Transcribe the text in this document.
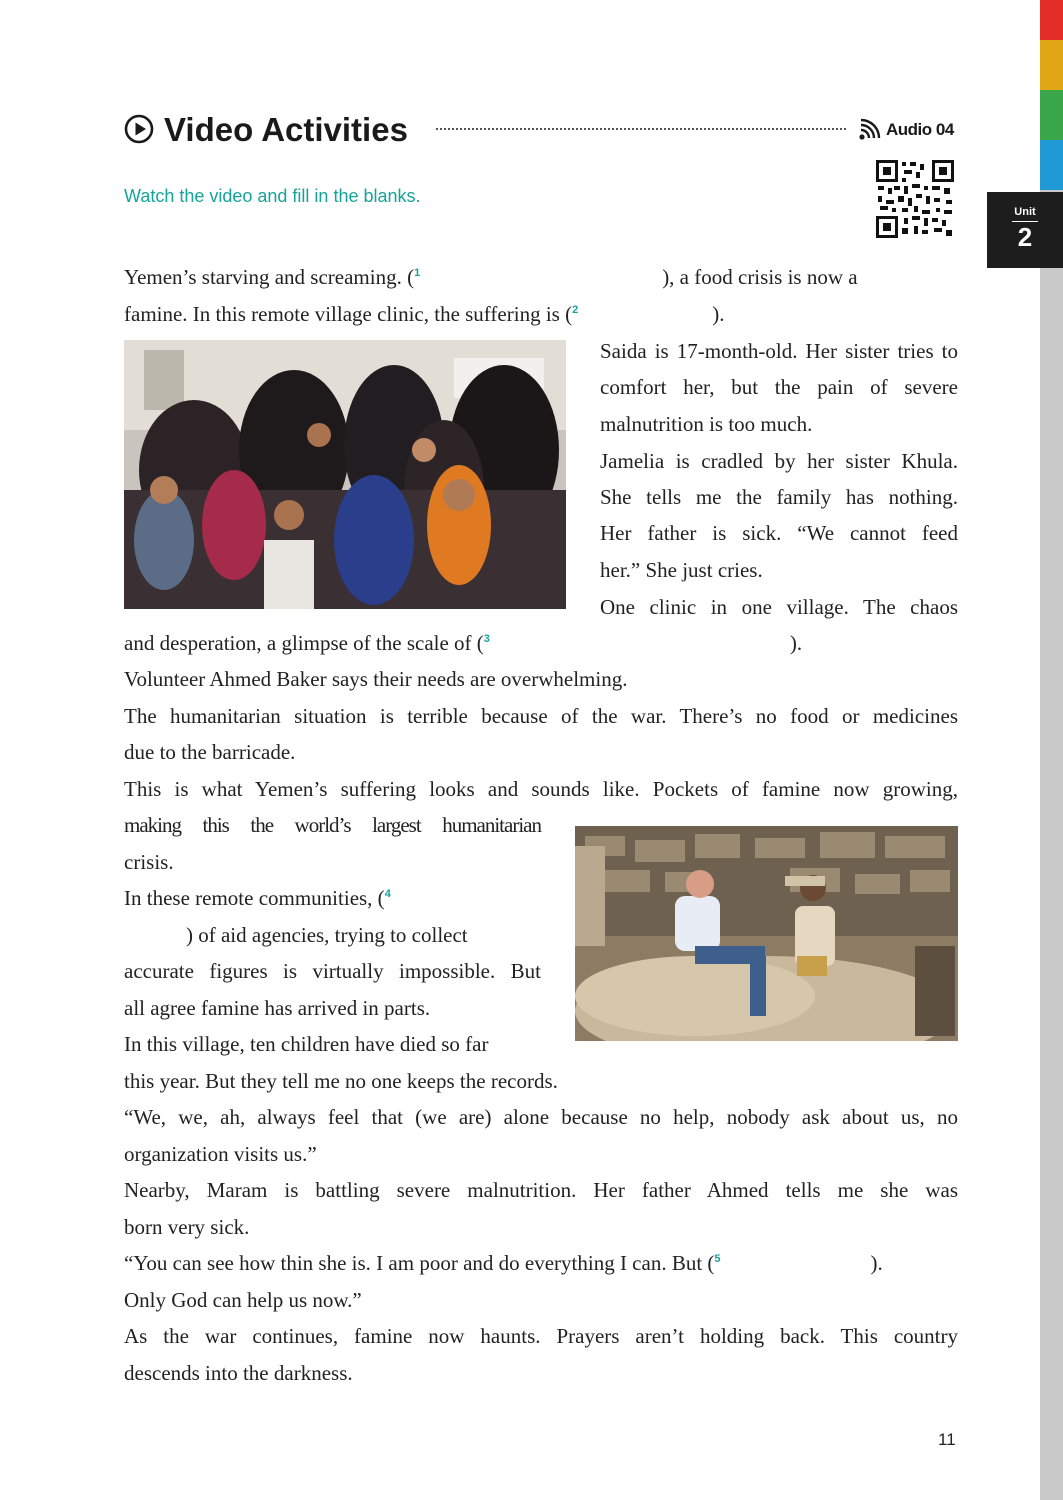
Unit
2
Video Activities	Audio 04
Watch the video and fill in the blanks.
Yemen’s starving and screaming. ($^1$	), a food crisis is now a
famine. In this remote village clinic, the suffering is ($^2$	).
Saida is 17-month-old. Her sister tries to
comfort her, but the pain of severe
malnutrition is too much.
Jamelia is cradled by her sister Khula.
She tells me the family has nothing.
Her father is sick. “We cannot feed
her.” She just cries.
One clinic in one village. The chaos
and desperation, a glimpse of the scale of ($^3$	).
Volunteer Ahmed Baker says their needs are overwhelming.
The humanitarian situation is terrible because of the war. There’s no food or medicines
due to the barricade.
This is what Yemen’s suffering looks and sounds like. Pockets of famine now growing,
making this the world’s largest humanitarian
crisis.
In these remote communities, ($^4$
) of aid agencies, trying to collect
accurate figures is virtually impossible. But
all agree famine has arrived in parts.
In this village, ten children have died so far
this year. But they tell me no one keeps the records.
“We, we, ah, always feel that (we are) alone because no help, nobody ask about us, no
organization visits us.”
Nearby, Maram is battling severe malnutrition. Her father Ahmed tells me she was
born very sick.
“You can see how thin she is. I am poor and do everything I can. But ($^5$	).
Only God can help us now.”
As the war continues, famine now haunts. Prayers aren’t holding back. This country
descends into the darkness.
11
